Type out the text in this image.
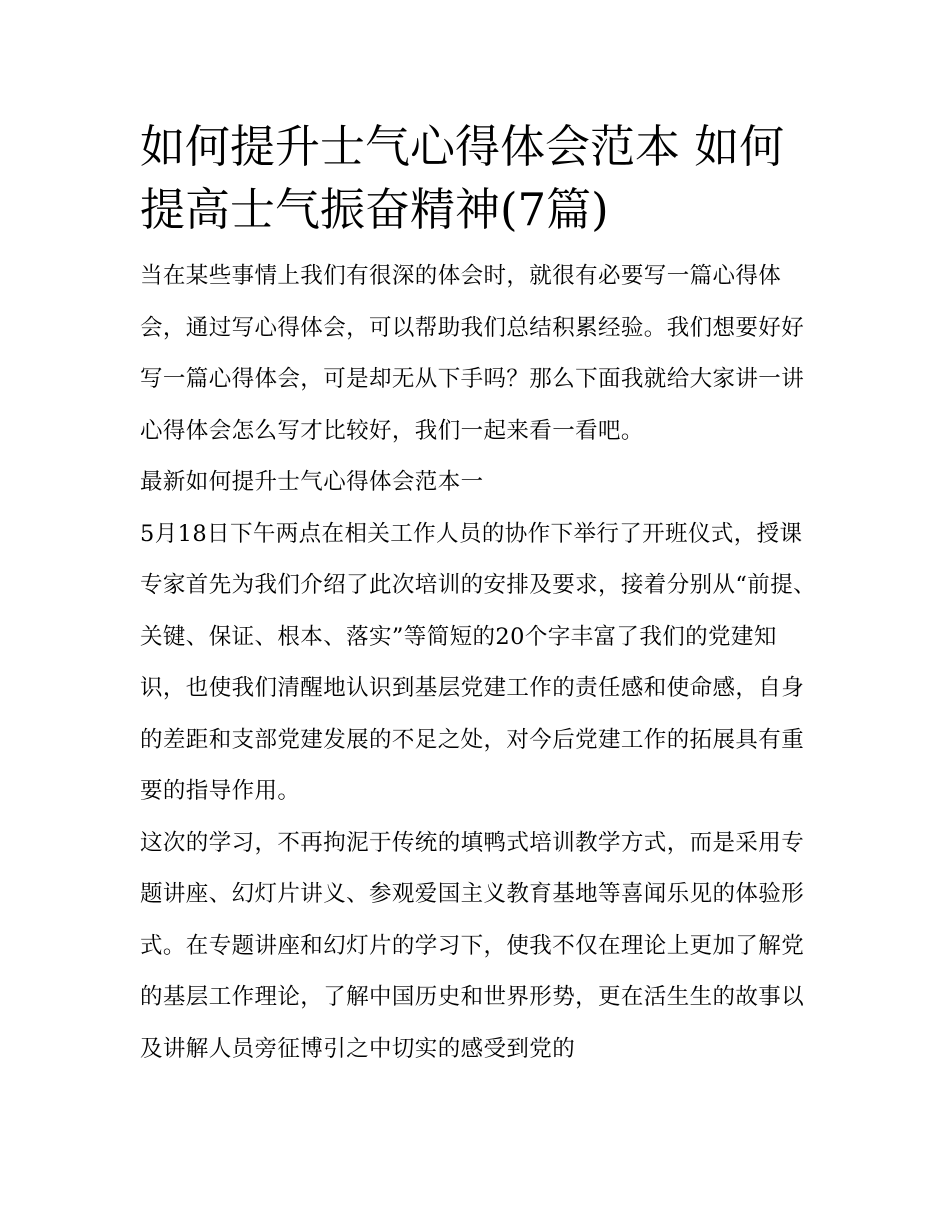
如何提升士气心得体会范本 如何提高士气振奋精神(7篇)

当在某些事情上我们有很深的体会时，就很有必要写一篇心得体会，通过写心得体会，可以帮助我们总结积累经验。我们想要好好写一篇心得体会，可是却无从下手吗？那么下面我就给大家讲一讲心得体会怎么写才比较好，我们一起来看一看吧。

最新如何提升士气心得体会范本一

5月18日下午两点在相关工作人员的协作下举行了开班仪式，授课专家首先为我们介绍了此次培训的安排及要求，接着分别从“前提、关键、保证、根本、落实”等简短的20个字丰富了我们的党建知识，也使我们清醒地认识到基层党建工作的责任感和使命感，自身的差距和支部党建发展的不足之处，对今后党建工作的拓展具有重要的指导作用。

这次的学习，不再拘泥于传统的填鸭式培训教学方式，而是采用专题讲座、幻灯片讲义、参观爱国主义教育基地等喜闻乐见的体验形式。在专题讲座和幻灯片的学习下，使我不仅在理论上更加了解党的基层工作理论，了解中国历史和世界形势，更在活生生的故事以及讲解人员旁征博引之中切实的感受到党的
